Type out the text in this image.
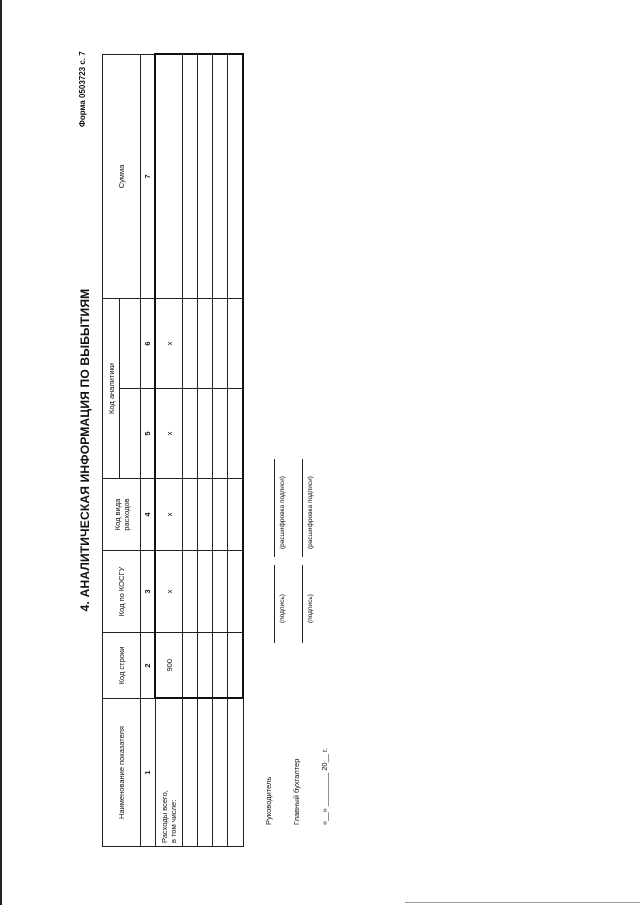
Форма 0503723 с. 7
4. АНАЛИТИЧЕСКАЯ ИНФОРМАЦИЯ ПО ВЫБЫТИЯМ
Наименование показателя	Код строки	Код по КОСГУ	Код вида расходов	Код аналитики		Сумма

1	2	3	4	5	6	7
Расходы всего,
в том числе:	900	x	x	x	x	

Руководитель
(подпись)
(расшифровка подписи)
Главный бухгалтер
(подпись)
(расшифровка подписи)
«__» ________ 20__ г.
